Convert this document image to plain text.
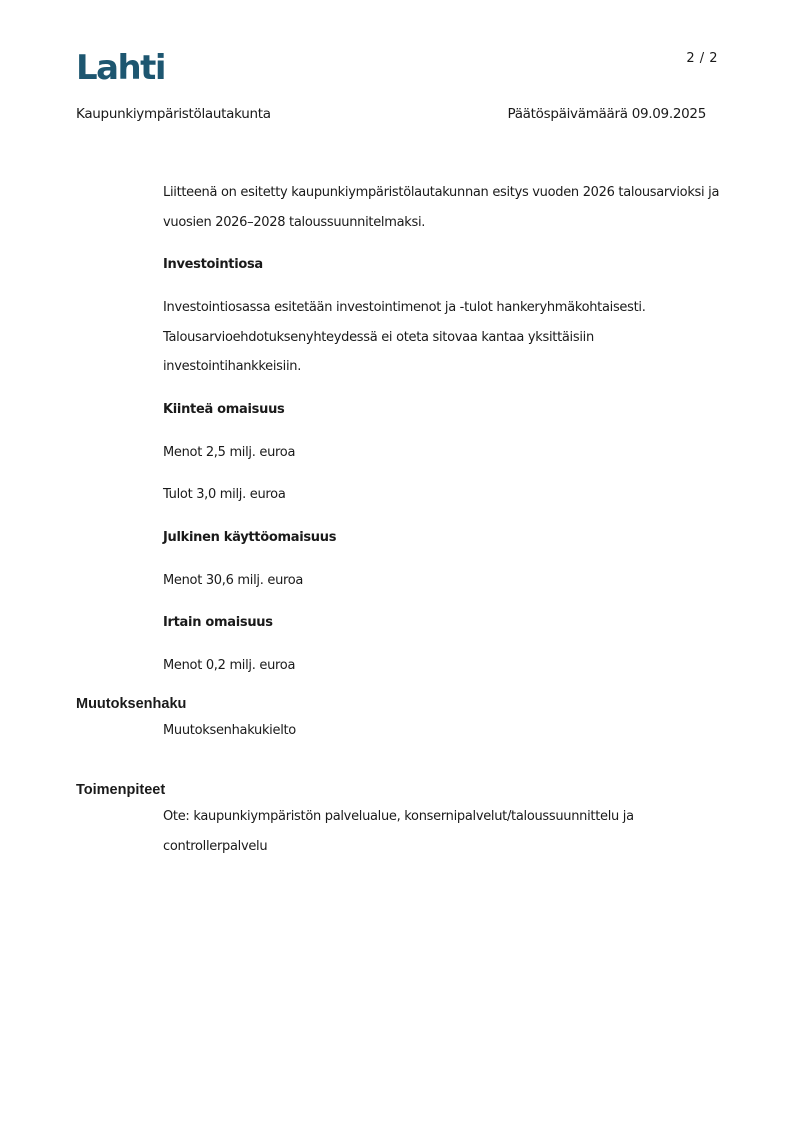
Lahti	2 / 2
Kaupunkiympäristölautakunta	Päätöspäivämäärä 09.09.2025

Liitteenä on esitetty kaupunkiympäristölautakunnan esitys vuoden 2026 talousarvioksi ja vuosien 2026–2028 taloussuunnitelmaksi.

Investointiosa

Investointiosassa esitetään investointimenot ja -tulot hankeryhmäkohtaisesti. Talousarvioehdotuksenyhteydessä ei oteta sitovaa kantaa yksittäisiin investointihankkeisiin.

Kiinteä omaisuus

Menot 2,5 milj. euroa

Tulot 3,0 milj. euroa

Julkinen käyttöomaisuus

Menot 30,6 milj. euroa

Irtain omaisuus

Menot 0,2 milj. euroa

Muutoksenhaku
Muutoksenhakukielto
Toimenpiteet
Ote: kaupunkiympäristön palvelualue, konsernipalvelut/taloussuunnittelu ja controllerpalvelu
